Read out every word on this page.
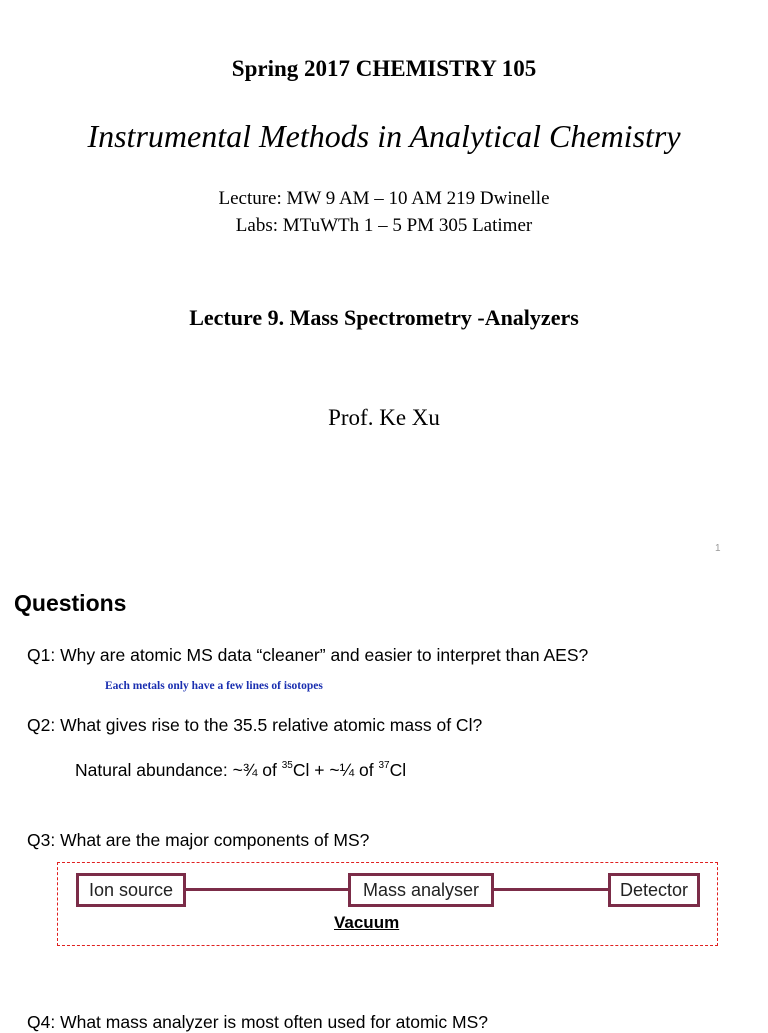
Spring 2017 CHEMISTRY 105
Instrumental Methods in Analytical Chemistry
Lecture: MW 9 AM – 10 AM 219 Dwinelle
Labs: MTuWTh 1 – 5 PM 305 Latimer
Lecture 9. Mass Spectrometry -Analyzers
Prof. Ke Xu
1
Questions
Q1: Why are atomic MS data “cleaner” and easier to interpret than AES?
Each metals only have a few lines of isotopes
Q2: What gives rise to the 35.5 relative atomic mass of Cl?
Natural abundance: ~¾ of $^{35}$Cl + ~¼ of $^{37}$Cl
Q3: What are the major components of MS?
Ion source	Mass analyser	Detector
Vacuum
Q4: What mass analyzer is most often used for atomic MS?
